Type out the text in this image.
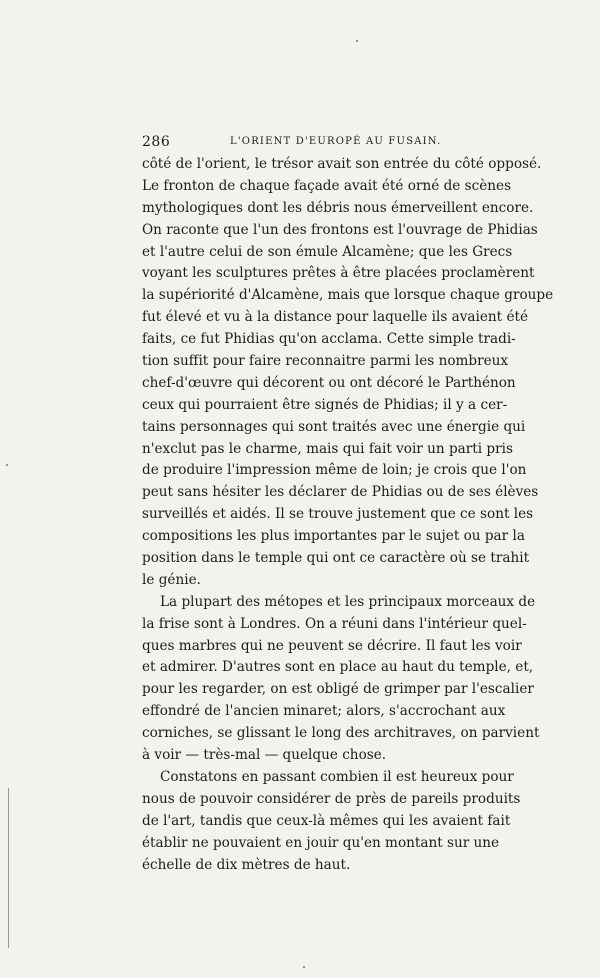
286	L'ORIENT D'EUROPÉ AU FUSAIN.
côté de l'orient, le trésor avait son entrée du côté opposé.
Le fronton de chaque façade avait été orné de scènes
mythologiques dont les débris nous émerveillent encore.
On raconte que l'un des frontons est l'ouvrage de Phidias
et l'autre celui de son émule Alcamène; que les Grecs
voyant les sculptures prêtes à être placées proclamèrent
la supériorité d'Alcamène, mais que lorsque chaque groupe
fut élevé et vu à la distance pour laquelle ils avaient été
faits, ce fut Phidias qu'on acclama. Cette simple tradi-
tion suffit pour faire reconnaitre parmi les nombreux
chef-d'œuvre qui décorent ou ont décoré le Parthénon
ceux qui pourraient être signés de Phidias; il y a cer-
tains personnages qui sont traités avec une énergie qui
n'exclut pas le charme, mais qui fait voir un parti pris
de produire l'impression même de loin; je crois que l'on
peut sans hésiter les déclarer de Phidias ou de ses élèves
surveillés et aidés. Il se trouve justement que ce sont les
compositions les plus importantes par le sujet ou par la
position dans le temple qui ont ce caractère où se trahit
le génie.
La plupart des métopes et les principaux morceaux de
la frise sont à Londres. On a réuni dans l'intérieur quel-
ques marbres qui ne peuvent se décrire. Il faut les voir
et admirer. D'autres sont en place au haut du temple, et,
pour les regarder, on est obligé de grimper par l'escalier
effondré de l'ancien minaret; alors, s'accrochant aux
corniches, se glissant le long des architraves, on parvient
à voir — très-mal — quelque chose.
Constatons en passant combien il est heureux pour
nous de pouvoir considérer de près de pareils produits
de l'art, tandis que ceux-là mêmes qui les avaient fait
établir ne pouvaient en jouir qu'en montant sur une
échelle de dix mètres de haut.
